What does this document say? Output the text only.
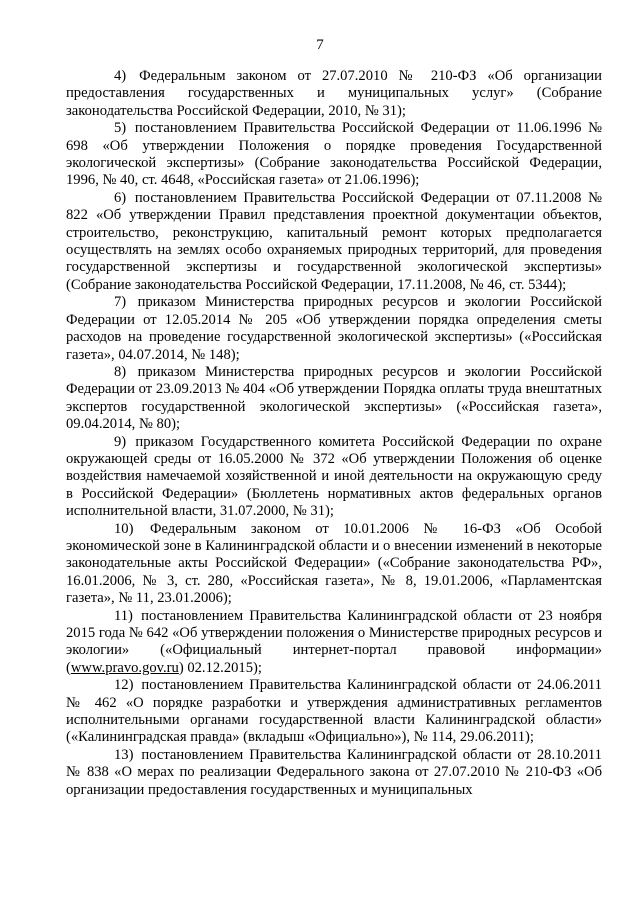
7

4) Федеральным законом от 27.07.2010 № 210-ФЗ «Об организации предоставления государственных и муниципальных услуг» (Собрание законодательства Российской Федерации, 2010, № 31);

5) постановлением Правительства Российской Федерации от 11.06.1996 № 698 «Об утверждении Положения о порядке проведения Государственной экологической экспертизы» (Собрание законодательства Российской Федерации, 1996, № 40, ст. 4648, «Российская газета» от 21.06.1996);

6) постановлением Правительства Российской Федерации от 07.11.2008 № 822 «Об утверждении Правил представления проектной документации объектов, строительство, реконструкцию, капитальный ремонт которых предполагается осуществлять на землях особо охраняемых природных территорий, для проведения государственной экспертизы и государственной экологической экспертизы» (Собрание законодательства Российской Федерации, 17.11.2008, № 46, ст. 5344);

7) приказом Министерства природных ресурсов и экологии Российской Федерации от 12.05.2014 № 205 «Об утверждении порядка определения сметы расходов на проведение государственной экологической экспертизы» («Российская газета», 04.07.2014, № 148);

8) приказом Министерства природных ресурсов и экологии Российской Федерации от 23.09.2013 № 404 «Об утверждении Порядка оплаты труда внештатных экспертов государственной экологической экспертизы» («Российская газета», 09.04.2014, № 80);

9) приказом Государственного комитета Российской Федерации по охране окружающей среды от 16.05.2000 № 372 «Об утверждении Положения об оценке воздействия намечаемой хозяйственной и иной деятельности на окружающую среду в Российской Федерации» (Бюллетень нормативных актов федеральных органов исполнительной власти, 31.07.2000, № 31);

10) Федеральным законом от 10.01.2006 № 16-ФЗ «Об Особой экономической зоне в Калининградской области и о внесении изменений в некоторые законодательные акты Российской Федерации» («Собрание законодательства РФ», 16.01.2006, № 3, ст. 280, «Российская газета», № 8, 19.01.2006, «Парламентская газета», № 11, 23.01.2006);

11) постановлением Правительства Калининградской области от 23 ноября 2015 года № 642 «Об утверждении положения о Министерстве природных ресурсов и экологии» («Официальный интернет-портал правовой информации» (www.pravo.gov.ru) 02.12.2015);

12) постановлением Правительства Калининградской области от 24.06.2011 № 462 «О порядке разработки и утверждения административных регламентов исполнительными органами государственной власти Калининградской области» («Калининградская правда» (вкладыш «Официально»), № 114, 29.06.2011);

13) постановлением Правительства Калининградской области от 28.10.2011 № 838 «О мерах по реализации Федерального закона от 27.07.2010 № 210-ФЗ «Об организации предоставления государственных и муниципальных
